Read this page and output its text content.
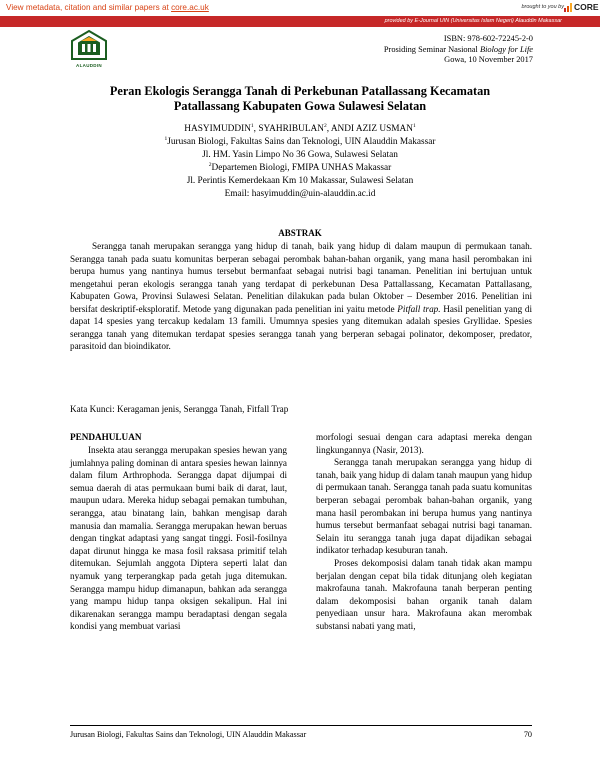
View metadata, citation and similar papers at core.ac.uk	brought to you by CORE
provided by E-Journal UIN (Universitas Islam Negeri) Alauddin Makassar
ALAUDDIN
ISBN: 978-602-72245-2-0
Prosiding Seminar Nasional Biology for Life
Gowa, 10 November 2017
Peran Ekologis Serangga Tanah di Perkebunan Patallassang Kecamatan
Patallassang Kabupaten Gowa Sulawesi Selatan
HASYIMUDDIN$^1$, SYAHRIBULAN$^2$, ANDI AZIZ USMAN$^1$
$^1$Jurusan Biologi, Fakultas Sains dan Teknologi, UIN Alauddin Makassar
Jl. HM. Yasin Limpo No 36 Gowa, Sulawesi Selatan
$^2$Departemen Biologi, FMIPA UNHAS Makassar
Jl. Perintis Kemerdekaan Km 10 Makassar, Sulawesi Selatan
Email: hasyimuddin@uin-alauddin.ac.id
ABSTRAK

Serangga tanah merupakan serangga yang hidup di tanah, baik yang hidup di dalam maupun di permukaan tanah. Serangga tanah pada suatu komunitas berperan sebagai perombak bahan-bahan organik, yang mana hasil perombakan ini berupa humus yang nantinya humus tersebut bermanfaat sebagai nutrisi bagi tanaman. Penelitian ini bertujuan untuk mengetahui peran ekologis serangga tanah yang terdapat di perkebunan Desa Pattallassang, Kecamatan Pattallasang, Kabupaten Gowa, Provinsi Sulawesi Selatan. Penelitian dilakukan pada bulan Oktober – Desember 2016. Penelitian ini bersifat deskriptif-eksploratif. Metode yang digunakan pada penelitian ini yaitu metode Pitfall trap. Hasil penelitian yang di dapat 14 spesies yang tercakup kedalam 13 famili. Umumnya spesies yang ditemukan adalah spesies Gryllidae. Spesies serangga tanah yang ditemukan terdapat spesies serangga tanah yang berperan sebagai polinator, dekomposer, predator, parasitoid dan bioindikator.

Kata Kunci: Keragaman jenis, Serangga Tanah, Fitfall Trap

PENDAHULUAN

Insekta atau serangga merupakan spesies hewan yang jumlahnya paling dominan di antara spesies hewan lainnya dalam filum Arthrophoda. Serangga dapat dijumpai di semua daerah di atas permukaan bumi baik di darat, laut, maupun udara. Mereka hidup sebagai pemakan tumbuhan, serangga, atau binatang lain, bahkan mengisap darah manusia dan mamalia. Serangga merupakan hewan beruas dengan tingkat adaptasi yang sangat tinggi. Fosil-fosilnya dapat dirunut hingga ke masa fosil raksasa primitif telah ditemukan. Sejumlah anggota Diptera seperti lalat dan nyamuk yang terperangkap pada getah juga ditemukan. Serangga mampu hidup dimanapun, bahkan ada serangga yang mampu hidup tanpa oksigen sekalipun. Hal ini dikarenakan serangga mampu beradaptasi dengan segala kondisi yang membuat variasi

morfologi sesuai dengan cara adaptasi mereka dengan lingkungannya (Nasir, 2013).

Serangga tanah merupakan serangga yang hidup di tanah, baik yang hidup di dalam tanah maupun yang hidup di permukaan tanah. Serangga tanah pada suatu komunitas berperan sebagai perombak bahan-bahan organik, yang mana hasil perombakan ini berupa humus yang nantinya humus tersebut bermanfaat sebagai nutrisi bagi tanaman. Selain itu serangga tanah juga dapat dijadikan sebagai indikator terhadap kesuburan tanah.

Proses dekomposisi dalam tanah tidak akan mampu berjalan dengan cepat bila tidak ditunjang oleh kegiatan makrofauna tanah. Makrofauna tanah berperan penting dalam dekomposisi bahan organik tanah dalam penyediaan unsur hara. Makrofauna akan merombak substansi nabati yang mati,

Jurusan Biologi, Fakultas Sains dan Teknologi, UIN Alauddin Makassar	70
